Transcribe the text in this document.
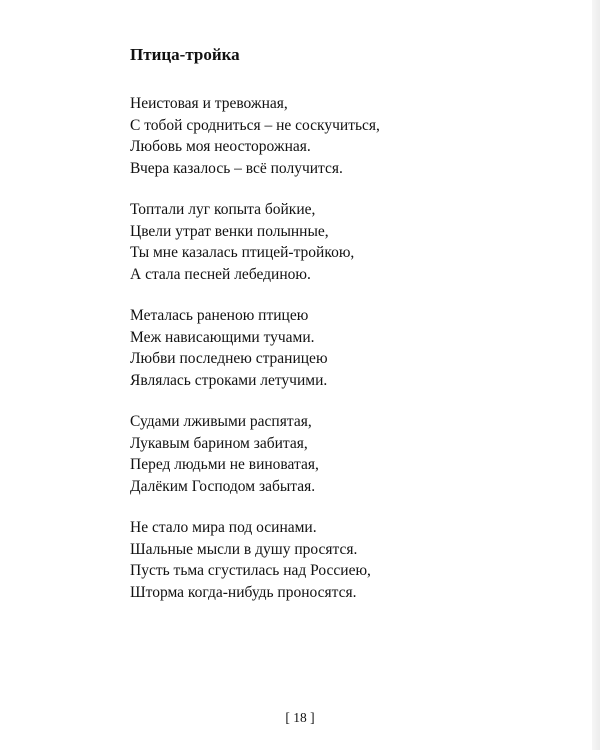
Птица-тройка
Неистовая и тревожная,
С тобой сродниться – не соскучиться,
Любовь моя неосторожная.
Вчера казалось – всё получится.
Топтали луг копыта бойкие,
Цвели утрат венки полынные,
Ты мне казалась птицей-тройкою,
А стала песней лебединою.
Металась раненою птицею
Меж нависающими тучами.
Любви последнею страницею
Являлась строками летучими.
Судами лживыми распятая,
Лукавым барином забитая,
Перед людьми не виноватая,
Далёким Господом забытая.
Не стало мира под осинами.
Шальные мысли в душу просятся.
Пусть тьма сгустилась над Россиею,
Шторма когда-нибудь проносятся.
[ 18 ]
